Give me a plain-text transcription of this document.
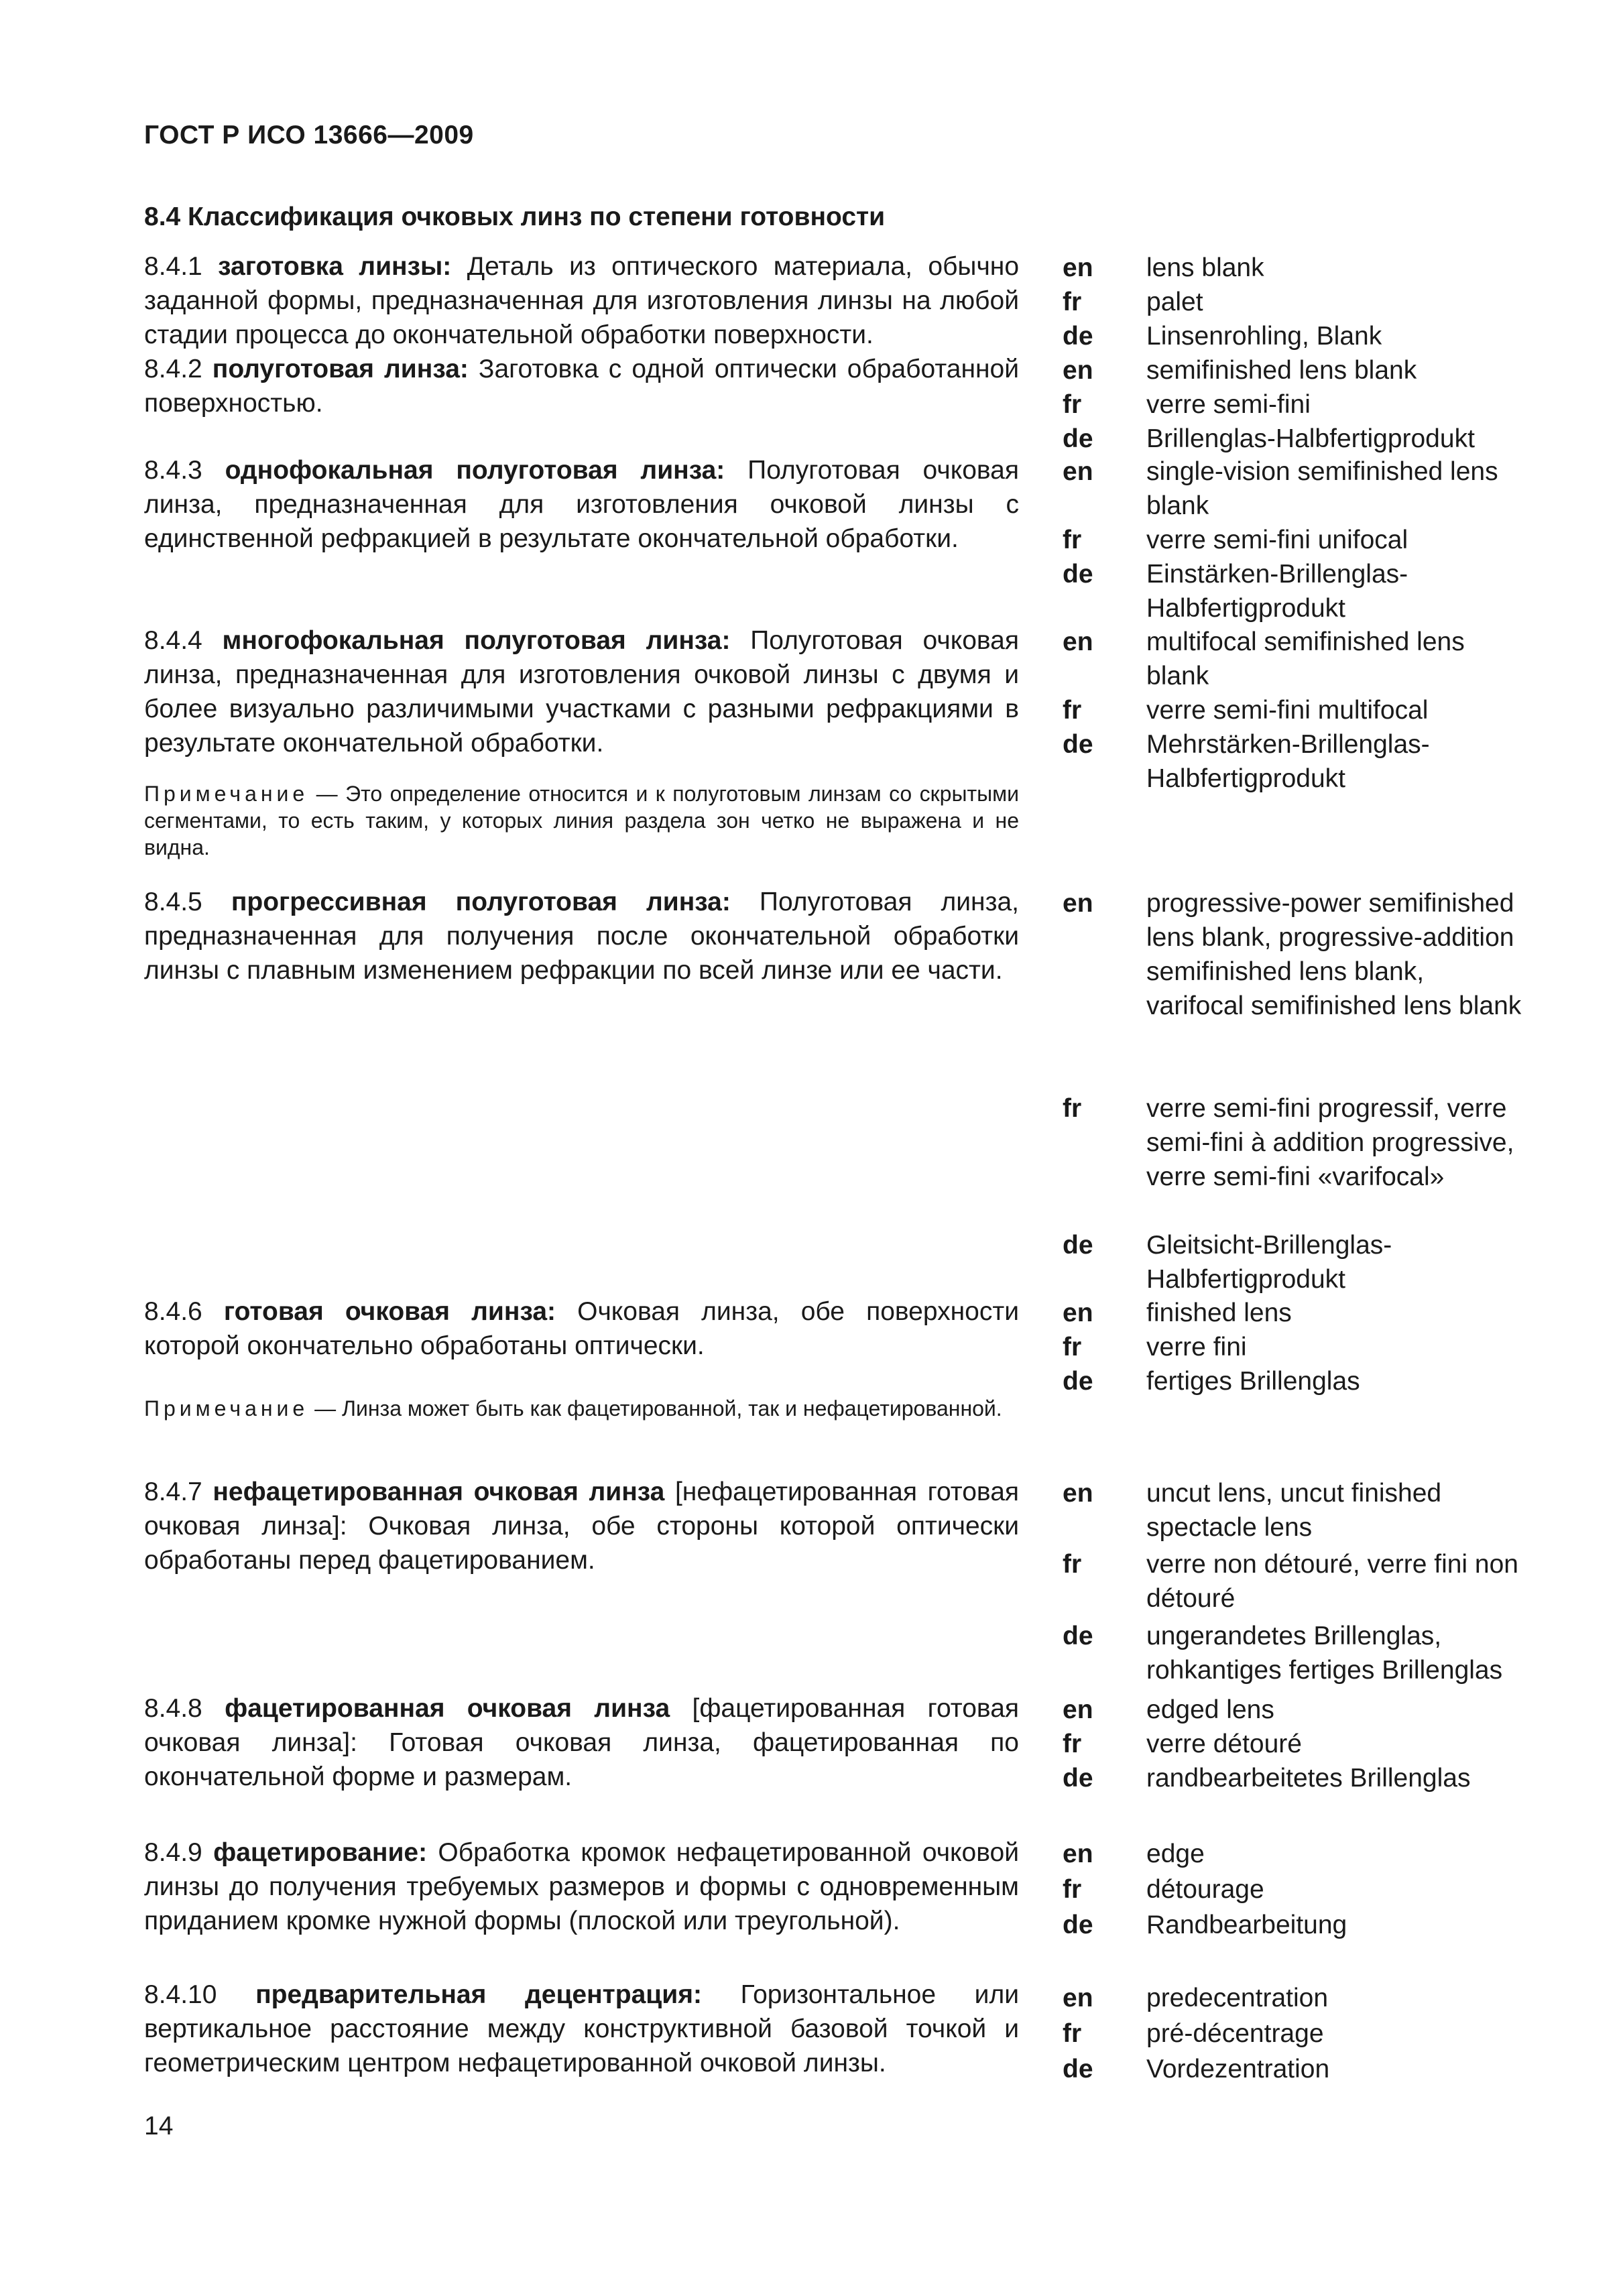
ГОСТ Р ИСО 13666—2009
8.4 Классификация очковых линз по степени готовности
8.4.1 заготовка линзы: Деталь из оптического материала, обычно заданной формы, предназначенная для изготовления линзы на любой стадии процесса до окончательной обработки поверхности.
en	lens blank
fr	palet
de	Linsenrohling, Blank
8.4.2 полуготовая линза: Заготовка с одной оптически обработанной поверхностью.
en	semifinished lens blank
fr	verre semi-fini
de	Brillenglas-Halbfertigprodukt
8.4.3 однофокальная полуготовая линза: Полуготовая очковая линза, предназначенная для изготовления очковой линзы с единственной рефракцией в результате окончательной обработки.
en	single-vision semifinished lens blank
fr	verre semi-fini unifocal
de	Einstärken-Brillenglas-Halbfertigprodukt
8.4.4 многофокальная полуготовая линза: Полуготовая очковая линза, предназначенная для изготовления очковой линзы с двумя и более визуально различимыми участками с разными рефракциями в результате окончательной обработки.
Примечание — Это определение относится и к полуготовым линзам со скрытыми сегментами, то есть таким, у которых линия раздела зон четко не выражена и не видна.
en	multifocal semifinished lens blank
fr	verre semi-fini multifocal
de	Mehrstärken-Brillenglas-Halbfertigprodukt
8.4.5 прогрессивная полуготовая линза: Полуготовая линза, предназначенная для получения после окончательной обработки линзы с плавным изменением рефракции по всей линзе или ее части.
en	progressive-power semifinished lens blank, progressive-addition semifinished lens blank, varifocal semifinished lens blank
fr	verre semi-fini progressif, verre semi-fini à addition progressive, verre semi-fini «varifocal»
de	Gleitsicht-Brillenglas-Halbfertigprodukt
8.4.6 готовая очковая линза: Очковая линза, обе поверхности которой окончательно обработаны оптически.
Примечание — Линза может быть как фацетированной, так и нефацетированной.
en	finished lens
fr	verre fini
de	fertiges Brillenglas
8.4.7 нефацетированная очковая линза [нефацетированная готовая очковая линза]: Очковая линза, обе стороны которой оптически обработаны перед фацетированием.
en	uncut lens, uncut finished spectacle lens
fr	verre non détouré, verre fini non détouré
de	ungerandetes Brillenglas, rohkantiges fertiges Brillenglas
8.4.8 фацетированная очковая линза [фацетированная готовая очковая линза]: Готовая очковая линза, фацетированная по окончательной форме и размерам.
en	edged lens
fr	verre détouré
de	randbearbeitetes Brillenglas
8.4.9 фацетирование: Обработка кромок нефацетированной очковой линзы до получения требуемых размеров и формы с одновременным приданием кромке нужной формы (плоской или треугольной).
en	edge
fr	détourage
de	Randbearbeitung
8.4.10 предварительная децентрация: Горизонтальное или вертикальное расстояние между конструктивной базовой точкой и геометрическим центром нефацетированной очковой линзы.
en	predecentration
fr	pré-décentrage
de	Vordezentration
14
